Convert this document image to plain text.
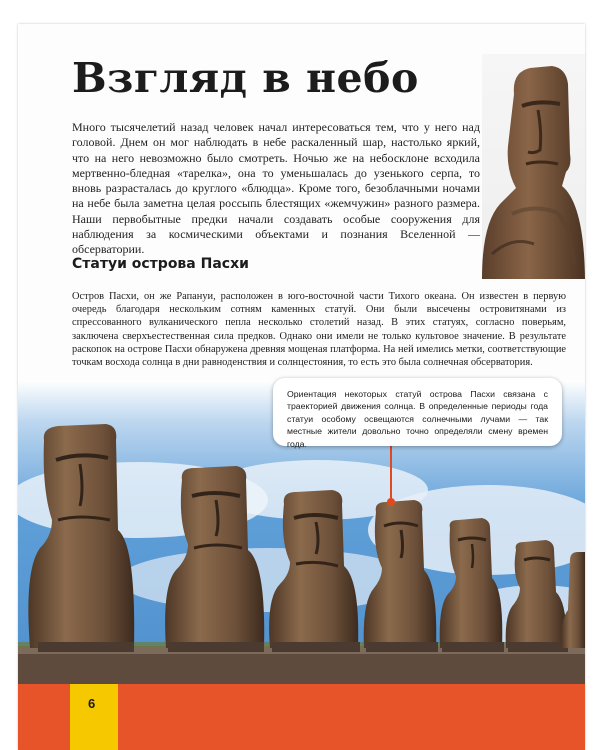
Взгляд в небо

Много тысячелетий назад человек начал интересоваться тем, что у него над головой. Днем он мог наблюдать в небе раскаленный шар, настолько яркий, что на него невозможно было смотреть. Ночью же на небосклоне всходила мертвенно-бледная «тарелка», она то уменьшалась до узенького серпа, то вновь разрасталась до круглого «блюдца». Кроме того, безоблачными ночами на небе была заметна целая россыпь блестящих «жемчужин» разного размера. Наши первобытные предки начали создавать особые сооружения для наблюдения за космическими объектами и познания Вселенной — обсерватории.

Статуи острова Пасхи

Остров Пасхи, он же Рапануи, расположен в юго-восточной части Тихого океана. Он известен в первую очередь благодаря нескольким сотням каменных статуй. Они были высечены островитянами из спрессованного вулканического пепла несколько столетий назад. В этих статуях, согласно поверьям, заключена сверхъестественная сила предков. Однако они имели не только культовое значение. В результате раскопок на острове Пасхи обнаружена древняя мощеная платформа. На ней имелись метки, соответствующие точкам восхода солнца в дни равноденствия и солнцестояния, то есть это была солнечная обсерватория.

Ориентация некоторых статуй острова Пасхи связана с траекторией движения солнца. В определенные периоды года статуи особому освещаются солнечными лучами — так местные жители довольно точно определяли смену времен года.

6
